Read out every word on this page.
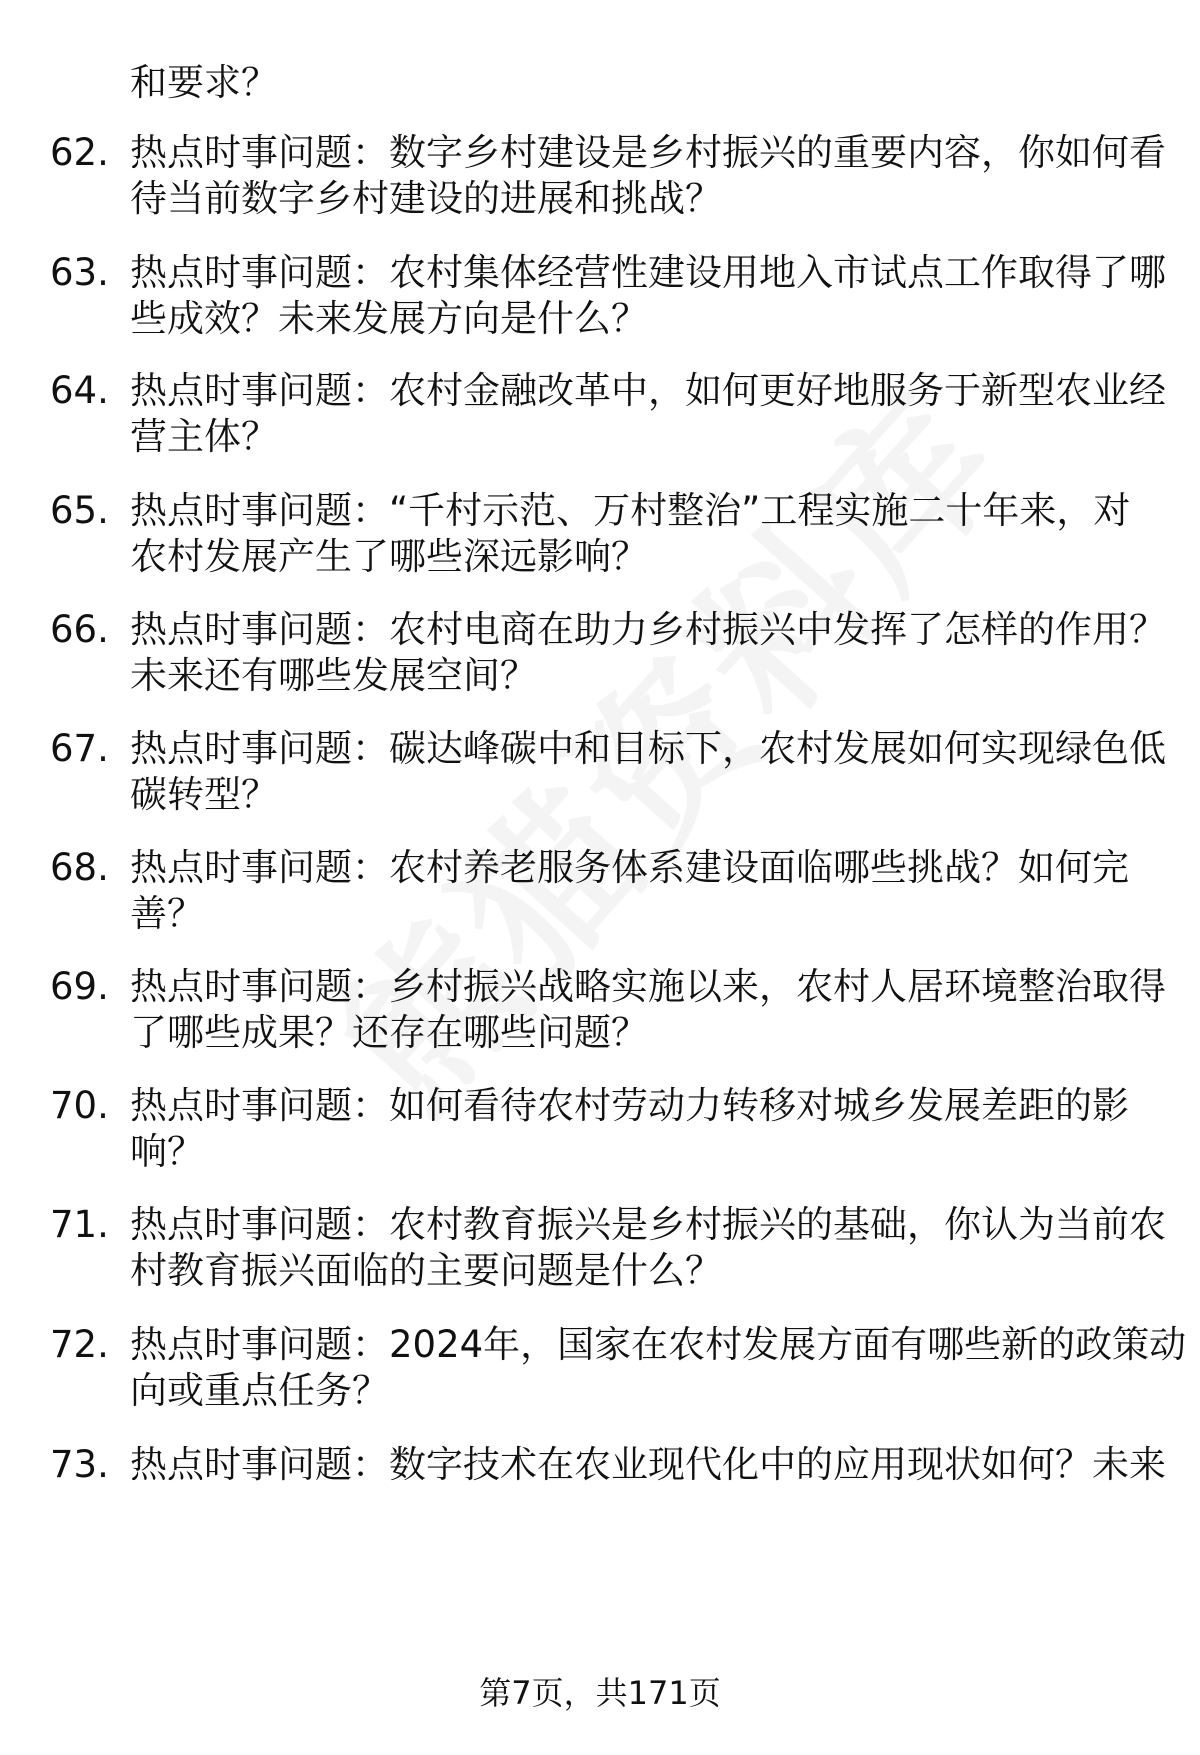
和要求？
62. 热点时事问题：数字乡村建设是乡村振兴的重要内容，你如何看
待当前数字乡村建设的进展和挑战？
63. 热点时事问题：农村集体经营性建设用地入市试点工作取得了哪
些成效？未来发展方向是什么？
64. 热点时事问题：农村金融改革中，如何更好地服务于新型农业经
营主体？
65. 热点时事问题：“千村示范、万村整治”工程实施二十年来，对
农村发展产生了哪些深远影响？
66. 热点时事问题：农村电商在助力乡村振兴中发挥了怎样的作用？
未来还有哪些发展空间？
67. 热点时事问题：碳达峰碳中和目标下，农村发展如何实现绿色低
碳转型？
68. 热点时事问题：农村养老服务体系建设面临哪些挑战？如何完
善？
69. 热点时事问题：乡村振兴战略实施以来，农村人居环境整治取得
了哪些成果？还存在哪些问题？
70. 热点时事问题：如何看待农村劳动力转移对城乡发展差距的影
响？
71. 热点时事问题：农村教育振兴是乡村振兴的基础，你认为当前农
村教育振兴面临的主要问题是什么？
72. 热点时事问题：2024年，国家在农村发展方面有哪些新的政策动
向或重点任务？
73. 热点时事问题：数字技术在农业现代化中的应用现状如何？未来
第7页，共171页
